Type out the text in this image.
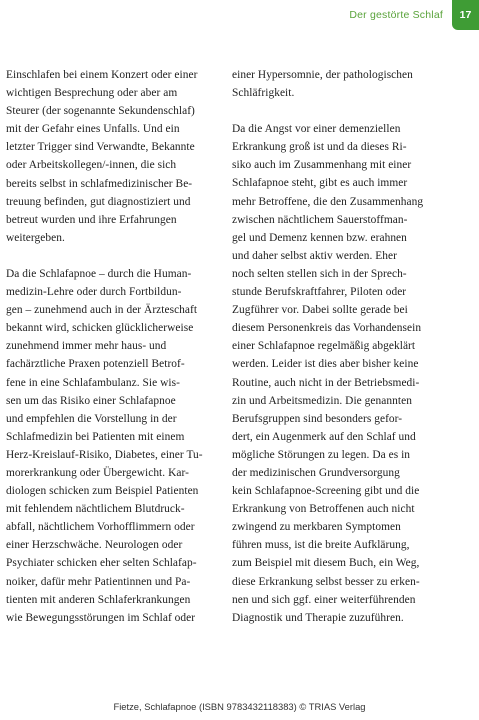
Der gestörte Schlaf 17

Einschlafen bei einem Konzert oder einer
wichtigen Besprechung oder aber am
Steurer (der sogenannte Sekundenschlaf)
mit der Gefahr eines Unfalls. Und ein
letzter Trigger sind Verwandte, Bekannte
oder Arbeitskollegen/-innen, die sich
bereits selbst in schlafmedizinischer Be-
treuung befinden, gut diagnostiziert und
betreut wurden und ihre Erfahrungen
weitergeben.

Da die Schlafapnoe – durch die Human-
medizin-Lehre oder durch Fortbildun-
gen – zunehmend auch in der Ärzteschaft
bekannt wird, schicken glücklicherweise
zunehmend immer mehr haus- und
fachärztliche Praxen potenziell Betrof-
fene in eine Schlafambulanz. Sie wis-
sen um das Risiko einer Schlafapnoe
und empfehlen die Vorstellung in der
Schlafmedizin bei Patienten mit einem
Herz-Kreislauf-Risiko, Diabetes, einer Tu-
morerkrankung oder Übergewicht. Kar-
diologen schicken zum Beispiel Patienten
mit fehlendem nächtlichem Blutdruck-
abfall, nächtlichem Vorhofflimmern oder
einer Herzschwäche. Neurologen oder
Psychiater schicken eher selten Schlafap-
noiker, dafür mehr Patientinnen und Pa-
tienten mit anderen Schlaferkrankungen
wie Bewegungsstörungen im Schlaf oder

einer Hypersomnie, der pathologischen
Schläfrigkeit.

Da die Angst vor einer demenziellen
Erkrankung groß ist und da dieses Ri-
siko auch im Zusammenhang mit einer
Schlafapnoe steht, gibt es auch immer
mehr Betroffene, die den Zusammenhang
zwischen nächtlichem Sauerstoffman-
gel und Demenz kennen bzw. erahnen
und daher selbst aktiv werden. Eher
noch selten stellen sich in der Sprech-
stunde Berufskraftfahrer, Piloten oder
Zugführer vor. Dabei sollte gerade bei
diesem Personenkreis das Vorhandensein
einer Schlafapnoe regelmäßig abgeklärt
werden. Leider ist dies aber bisher keine
Routine, auch nicht in der Betriebsmedi-
zin und Arbeitsmedizin. Die genannten
Berufsgruppen sind besonders gefor-
dert, ein Augenmerk auf den Schlaf und
mögliche Störungen zu legen. Da es in
der medizinischen Grundversorgung
kein Schlafapnoe-Screening gibt und die
Erkrankung von Betroffenen auch nicht
zwingend zu merkbaren Symptomen
führen muss, ist die breite Aufklärung,
zum Beispiel mit diesem Buch, ein Weg,
diese Erkrankung selbst besser zu erken-
nen und sich ggf. einer weiterführenden
Diagnostik und Therapie zuzuführen.

Fietze, Schlafapnoe (ISBN 9783432118383) © TRIAS Verlag
